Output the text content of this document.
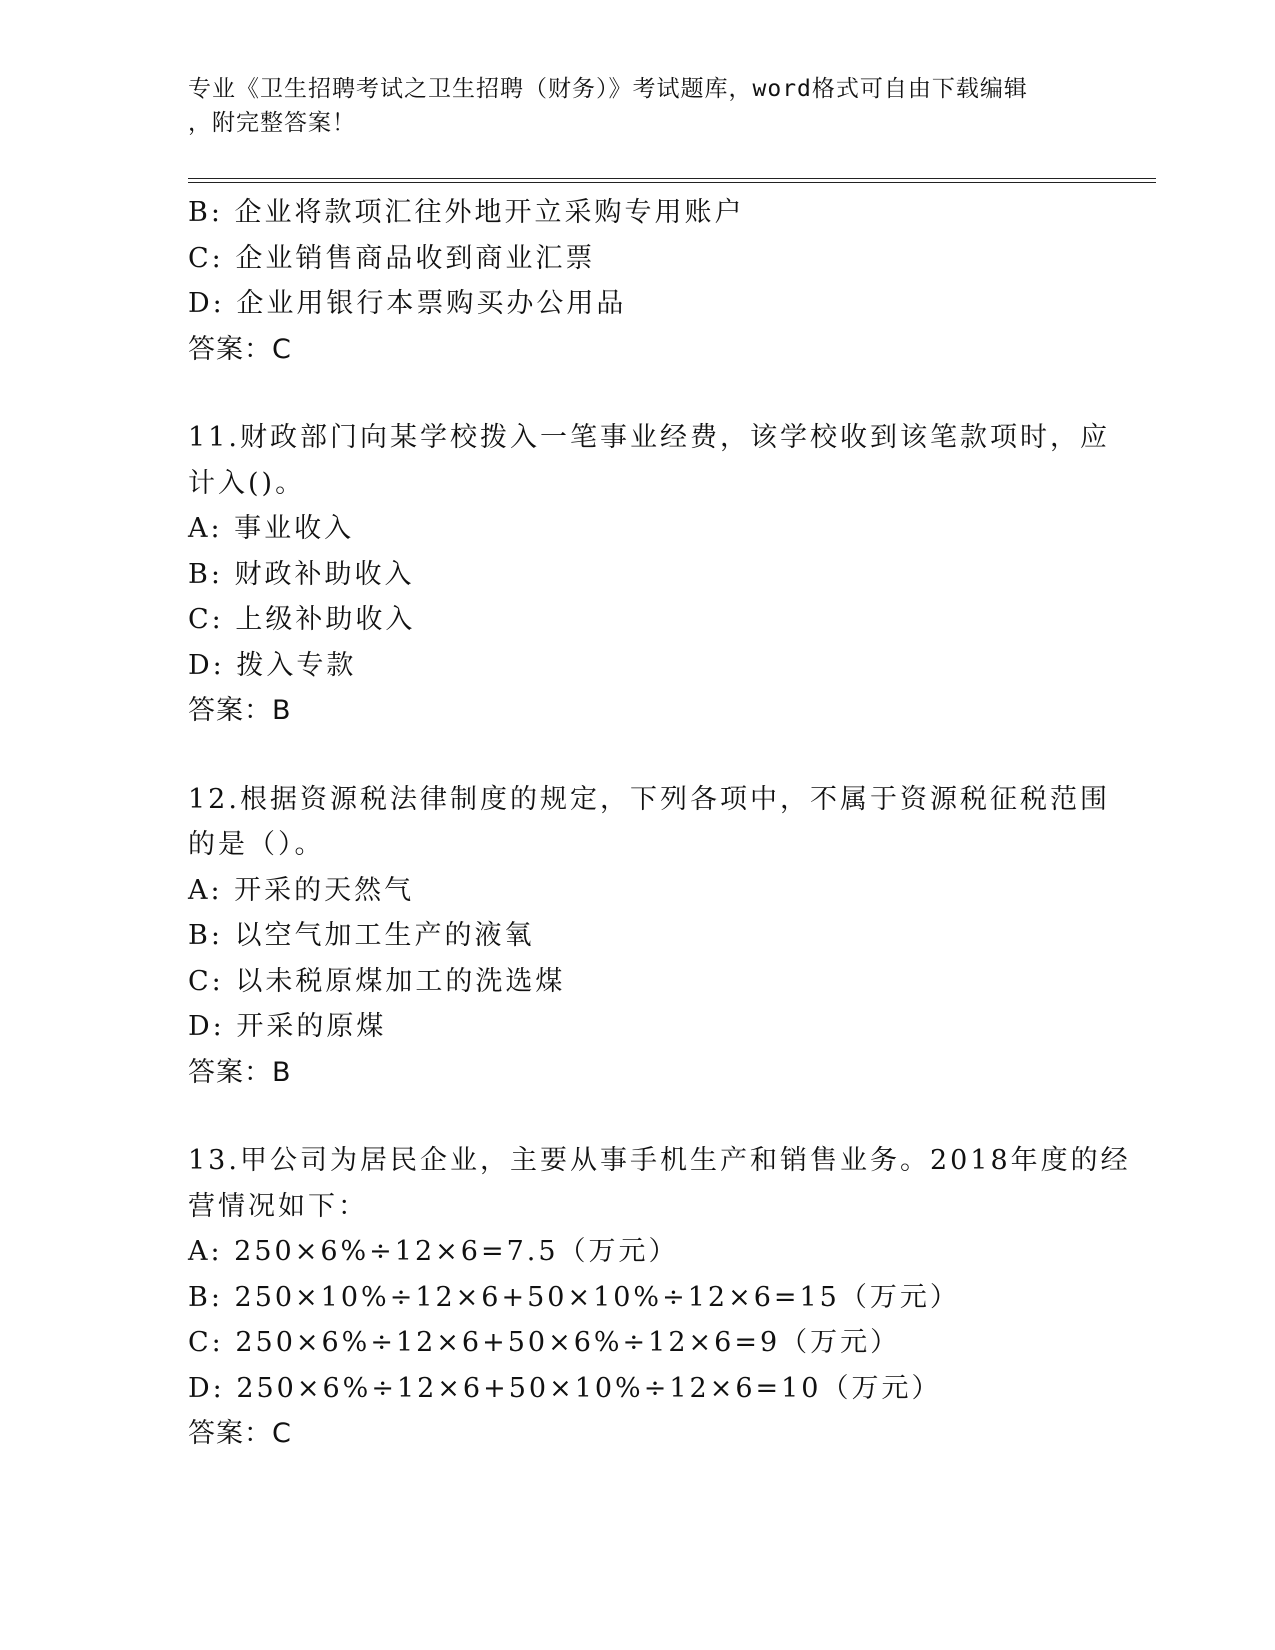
专业《卫生招聘考试之卫生招聘（财务）》考试题库，word格式可自由下载编辑
，附完整答案！
B: 企业将款项汇往外地开立采购专用账户
C: 企业销售商品收到商业汇票
D: 企业用银行本票购买办公用品
答案：C
11.财政部门向某学校拨入一笔事业经费，该学校收到该笔款项时，应
计入()。
A: 事业收入
B: 财政补助收入
C: 上级补助收入
D: 拨入专款
答案：B
12.根据资源税法律制度的规定，下列各项中，不属于资源税征税范围
的是（）。
A: 开采的天然气
B: 以空气加工生产的液氧
C: 以未税原煤加工的洗选煤
D: 开采的原煤
答案：B
13.甲公司为居民企业，主要从事手机生产和销售业务。2018年度的经
营情况如下：
A: 250×6%÷12×6=7.5（万元）
B: 250×10%÷12×6+50×10%÷12×6=15（万元）
C: 250×6%÷12×6+50×6%÷12×6=9（万元）
D: 250×6%÷12×6+50×10%÷12×6=10（万元）
答案：C
